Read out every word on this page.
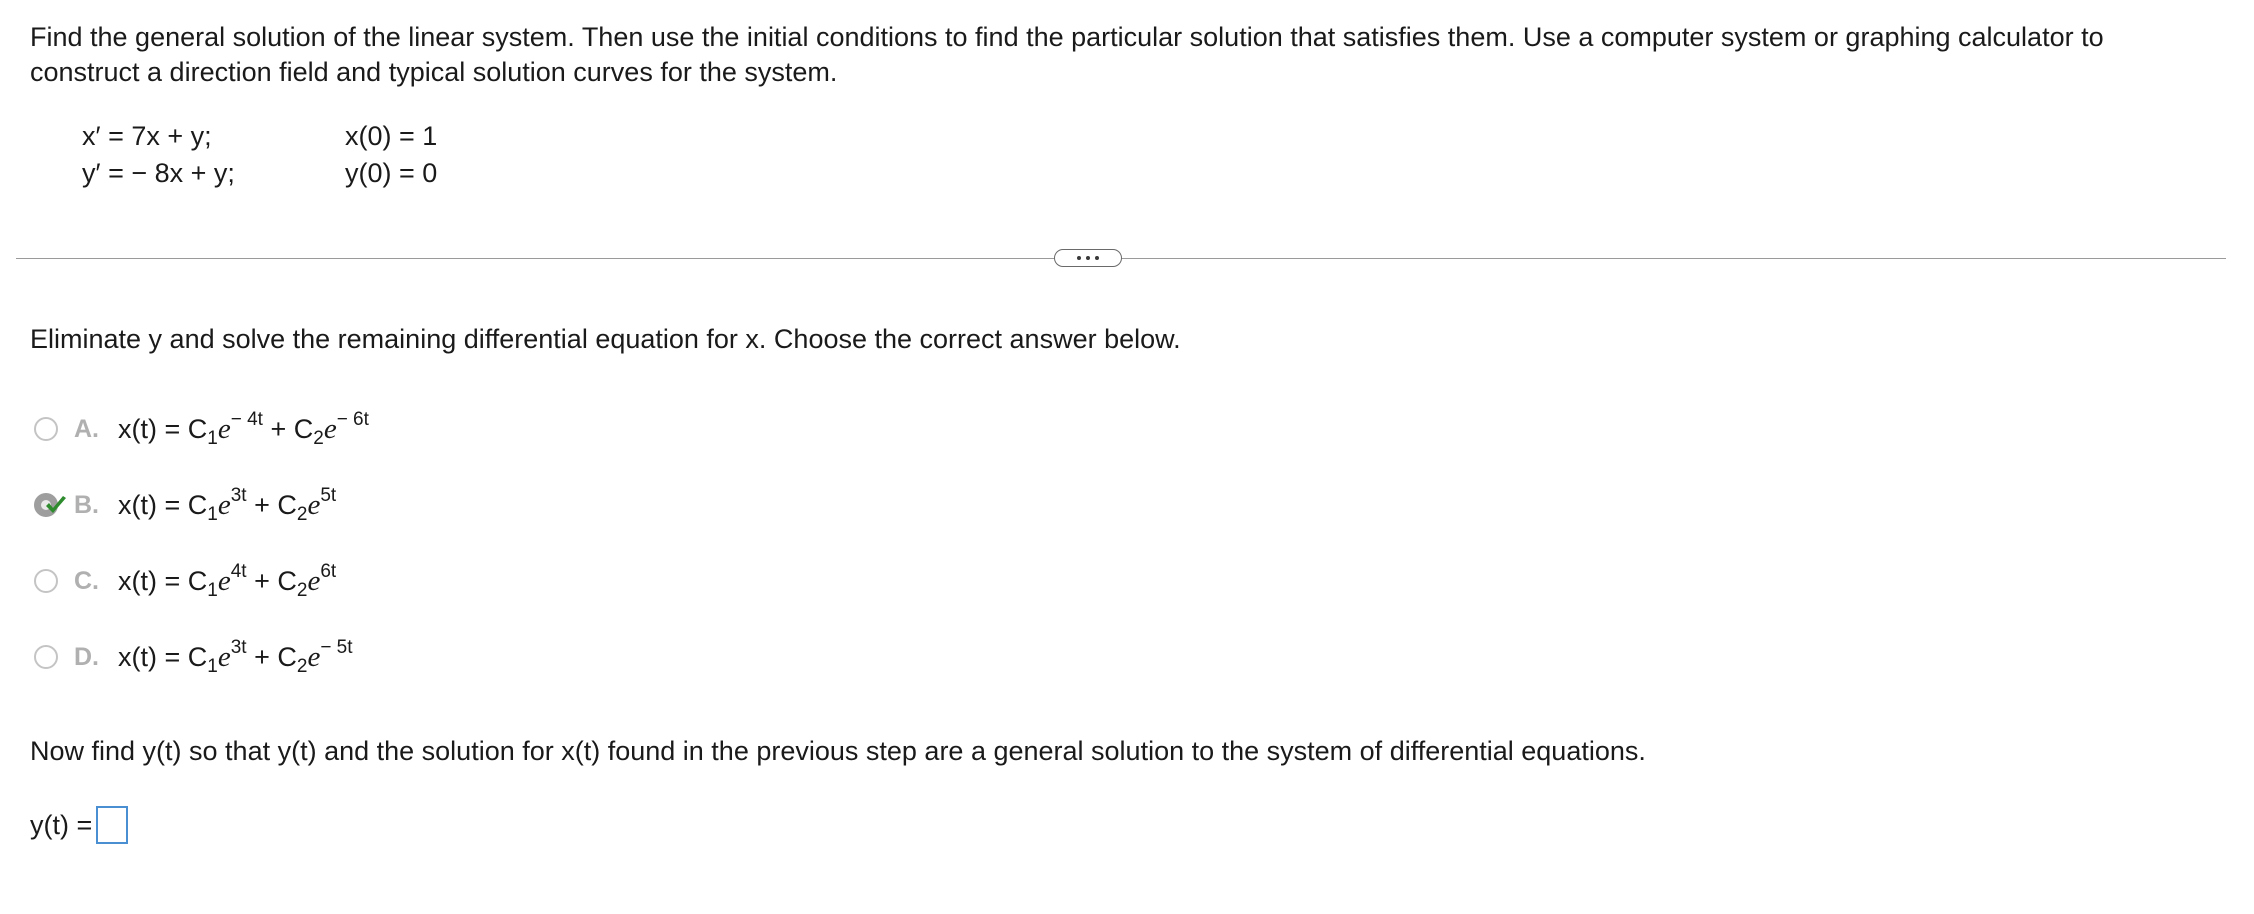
Find the general solution of the linear system. Then use the initial conditions to find the particular solution that satisfies them. Use a computer system or graphing calculator to construct a direction field and typical solution curves for the system.
x′ = 7x + y;
y′ = − 8x + y;
x(0) = 1
y(0) = 0
Eliminate y and solve the remaining differential equation for x. Choose the correct answer below.
A. $x(t) = C_1e^{- 4t} + C_2e^{- 6t}$
B. $x(t) = C_1e^{3t} + C_2e^{5t}$
C. $x(t) = C_1e^{4t} + C_2e^{6t}$
D. $x(t) = C_1e^{3t} + C_2e^{- 5t}$
Now find y(t) so that y(t) and the solution for x(t) found in the previous step are a general solution to the system of differential equations.
y(t) =
